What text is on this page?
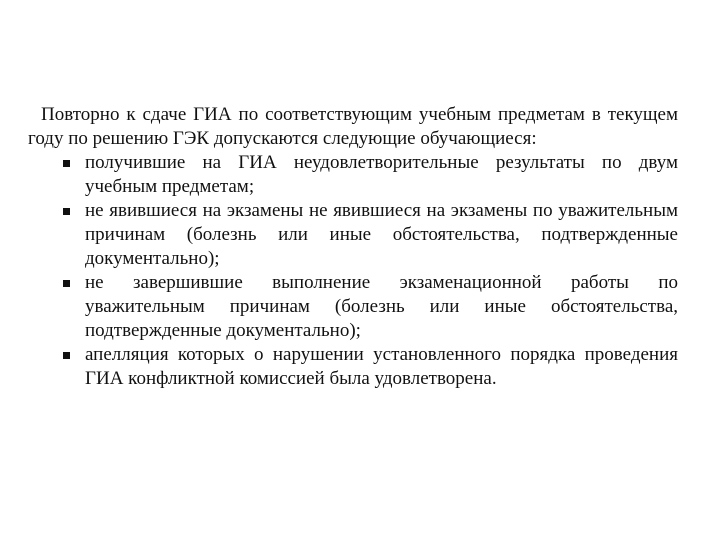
Повторно к сдаче ГИА по соответствующим учебным предметам в текущем году по решению ГЭК допускаются следующие обучающиеся:

получившие на ГИА неудовлетворительные результаты по двум учебным предметам;
не явившиеся на экзамены не явившиеся на экзамены по уважительным причинам (болезнь или иные обстоятельства, подтвержденные документально);
не завершившие выполнение экзаменационной работы по уважительным причинам (болезнь или иные обстоятельства, подтвержденные документально);
апелляция которых о нарушении установленного порядка проведения ГИА конфликтной комиссией была удовлетворена.
